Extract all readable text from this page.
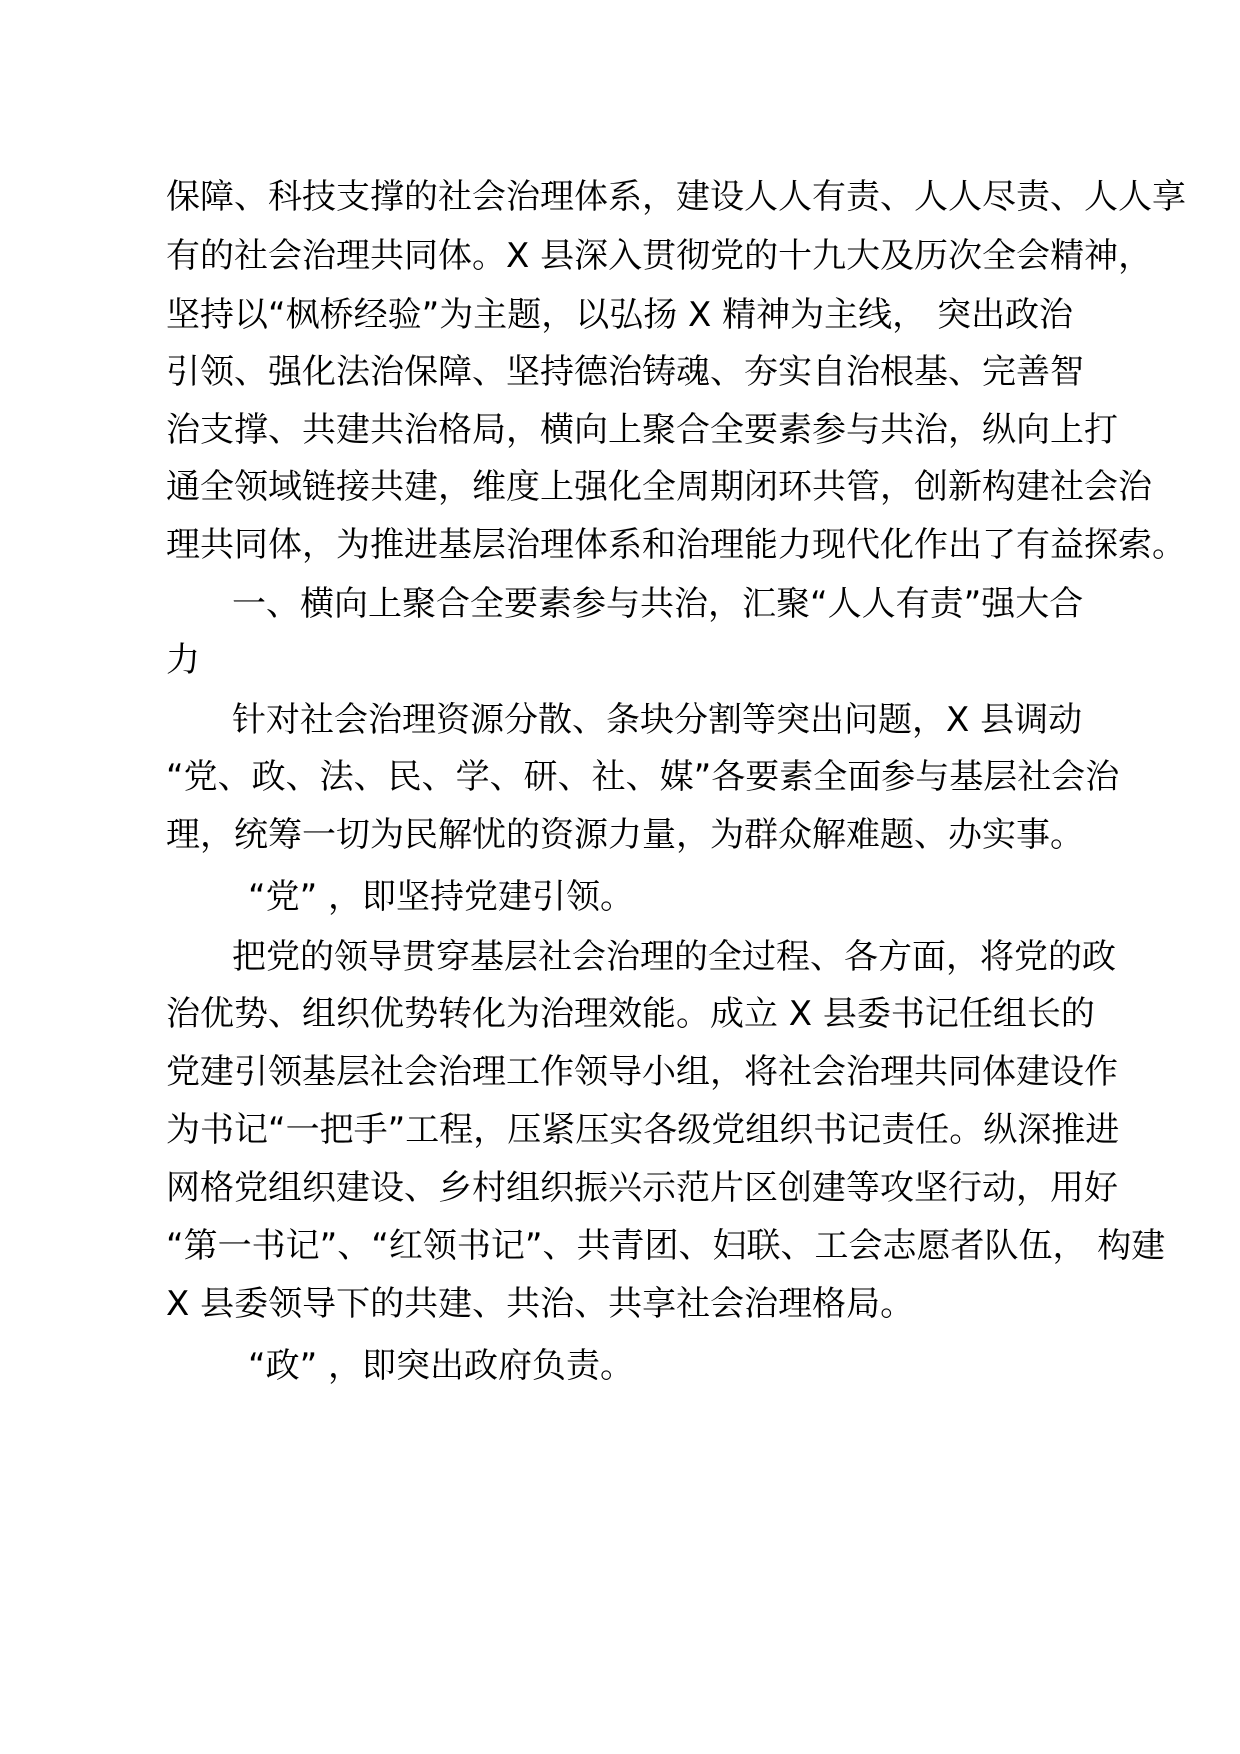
保障、科技支撑的社会治理体系，建设人人有责、人人尽责、人人享
有的社会治理共同体。X 县深入贯彻党的十九大及历次全会精神，
坚持以“枫桥经验”为主题，以弘扬 X 精神为主线， 突出政治
引领、强化法治保障、坚持德治铸魂、夯实自治根基、完善智
治支撑、共建共治格局，横向上聚合全要素参与共治，纵向上打
通全领域链接共建，维度上强化全周期闭环共管，创新构建社会治
理共同体，为推进基层治理体系和治理能力现代化作出了有益探索。
一、横向上聚合全要素参与共治，汇聚“人人有责”强大合
力
针对社会治理资源分散、条块分割等突出问题，X 县调动
“党、政、法、民、学、研、社、媒”各要素全面参与基层社会治
理，统筹一切为民解忧的资源力量，为群众解难题、办实事。
“党” ，即坚持党建引领。
把党的领导贯穿基层社会治理的全过程、各方面，将党的政
治优势、组织优势转化为治理效能。成立 X 县委书记任组长的
党建引领基层社会治理工作领导小组，将社会治理共同体建设作
为书记“一把手”工程，压紧压实各级党组织书记责任。纵深推进
网格党组织建设、乡村组织振兴示范片区创建等攻坚行动，用好
“第一书记”、“红领书记”、共青团、妇联、工会志愿者队伍， 构建
X 县委领导下的共建、共治、共享社会治理格局。
“政” ，即突出政府负责。
